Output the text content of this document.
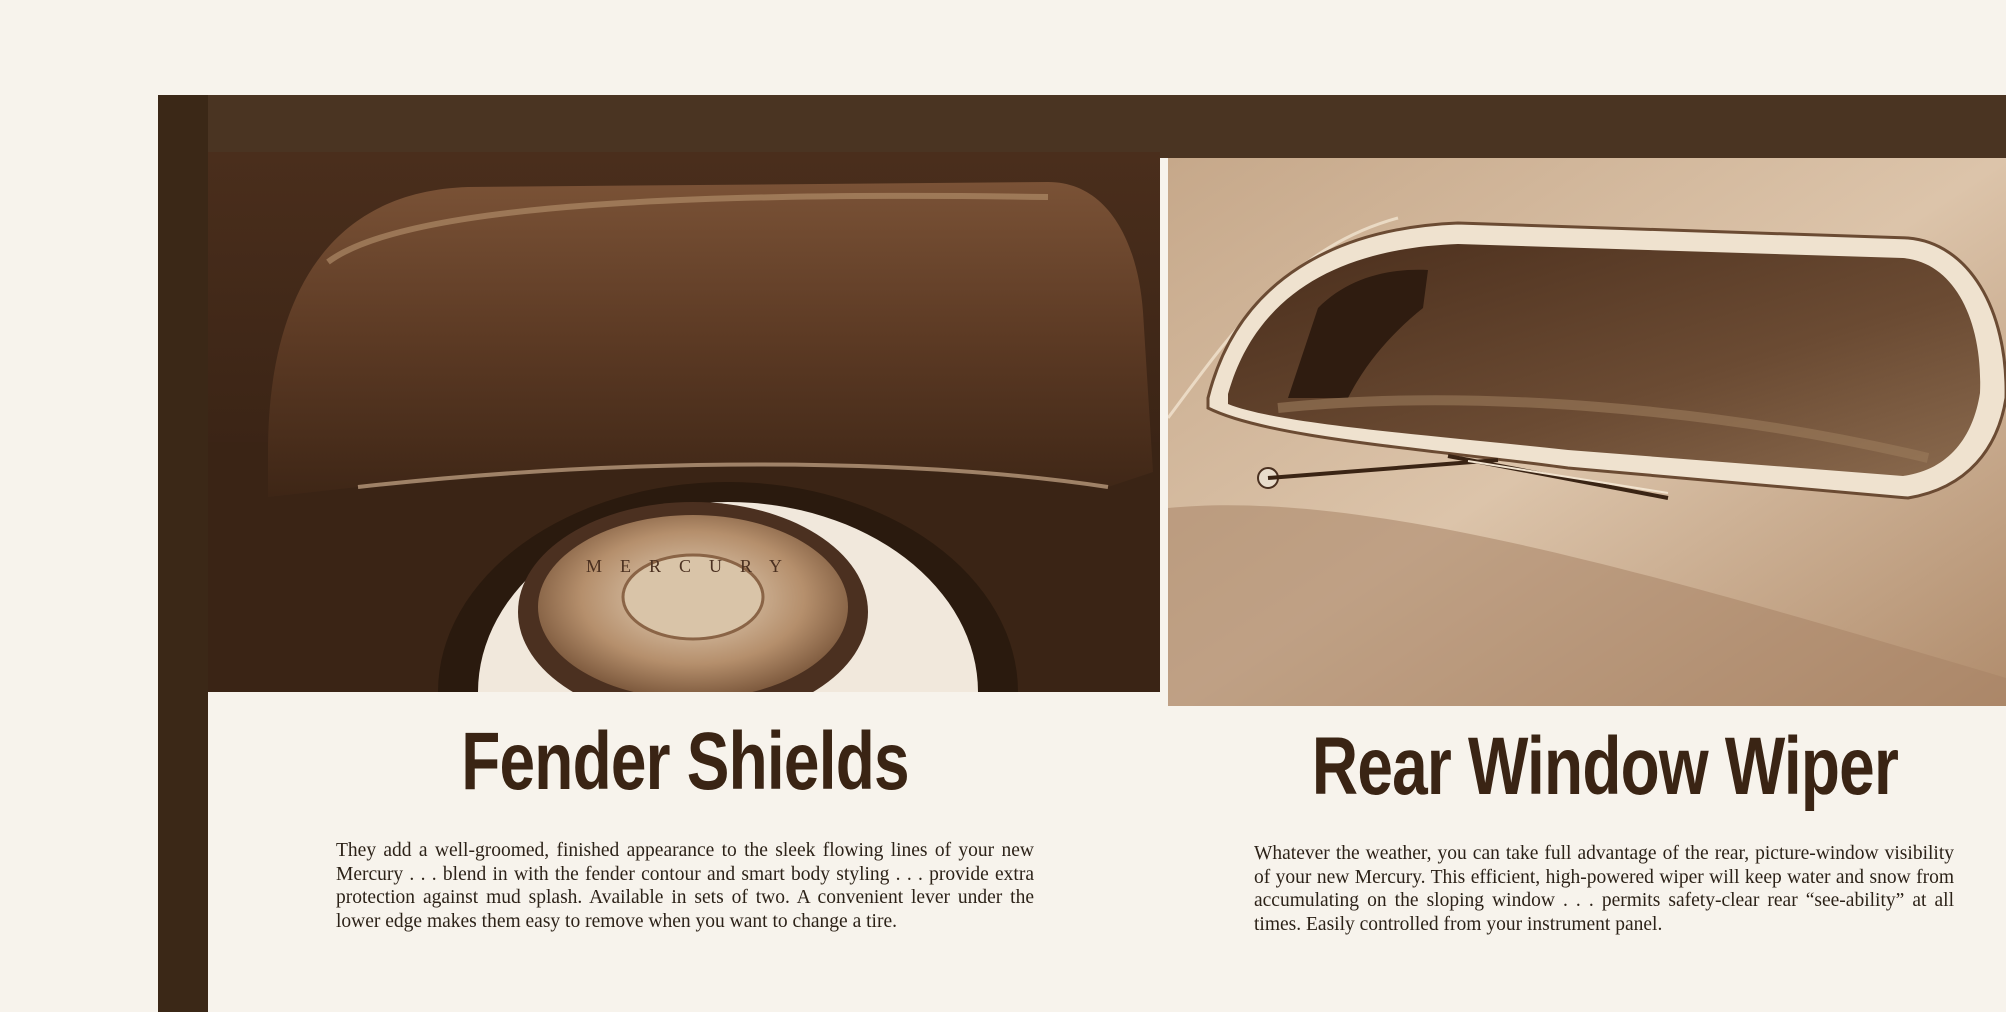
MERCURY
Fender Shields	Rear Window Wiper

They add a well-groomed, finished appearance to the sleek flowing lines of your new Mercury . . . blend in with the fender contour and smart body styling . . . provide extra protection against mud splash. Available in sets of two. A convenient lever under the lower edge makes them easy to remove when you want to change a tire.

Whatever the weather, you can take full advantage of the rear, picture-window visibility of your new Mercury. This efficient, high-powered wiper will keep water and snow from accumulating on the sloping window . . . permits safety-clear rear “see-ability” at all times. Easily controlled from your instrument panel.
